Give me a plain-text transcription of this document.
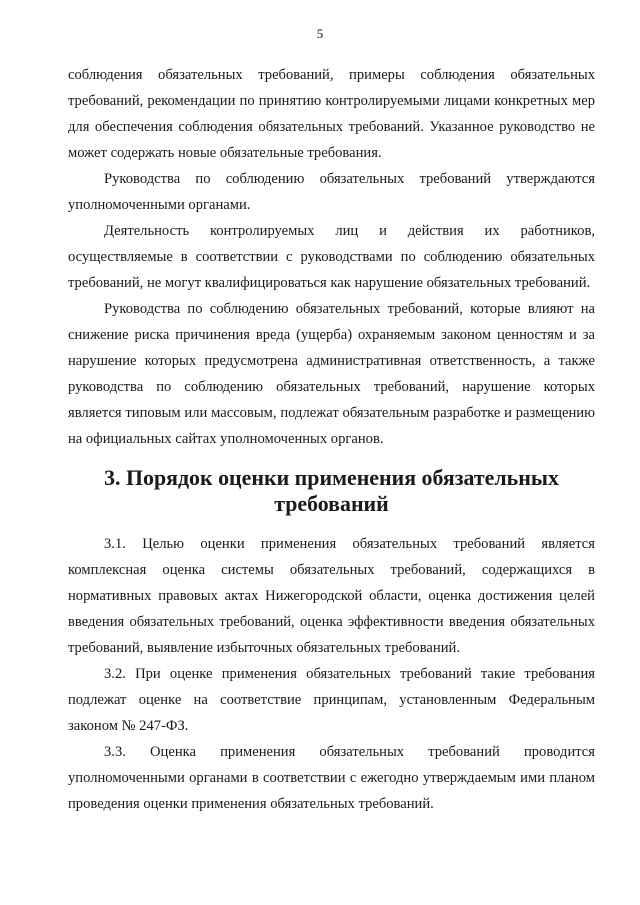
5

соблюдения обязательных требований, примеры соблюдения обязательных требований, рекомендации по принятию контролируемыми лицами конкретных мер для обеспечения соблюдения обязательных требований. Указанное руководство не может содержать новые обязательные требования.

Руководства по соблюдению обязательных требований утверждаются уполномоченными органами.

Деятельность контролируемых лиц и действия их работников, осуществляемые в соответствии с руководствами по соблюдению обязательных требований, не могут квалифицироваться как нарушение обязательных требований.

Руководства по соблюдению обязательных требований, которые влияют на снижение риска причинения вреда (ущерба) охраняемым законом ценностям и за нарушение которых предусмотрена административная ответственность, а также руководства по соблюдению обязательных требований, нарушение которых является типовым или массовым, подлежат обязательным разработке и размещению на официальных сайтах уполномоченных органов.

3. Порядок оценки применения обязательных требований

3.1. Целью оценки применения обязательных требований является комплексная оценка системы обязательных требований, содержащихся в нормативных правовых актах Нижегородской области, оценка достижения целей введения обязательных требований, оценка эффективности введения обязательных требований, выявление избыточных обязательных требований.

3.2. При оценке применения обязательных требований такие требования подлежат оценке на соответствие принципам, установленным Федеральным законом № 247-ФЗ.

3.3. Оценка применения обязательных требований проводится уполномоченными органами в соответствии с ежегодно утверждаемым ими планом проведения оценки применения обязательных требований.
